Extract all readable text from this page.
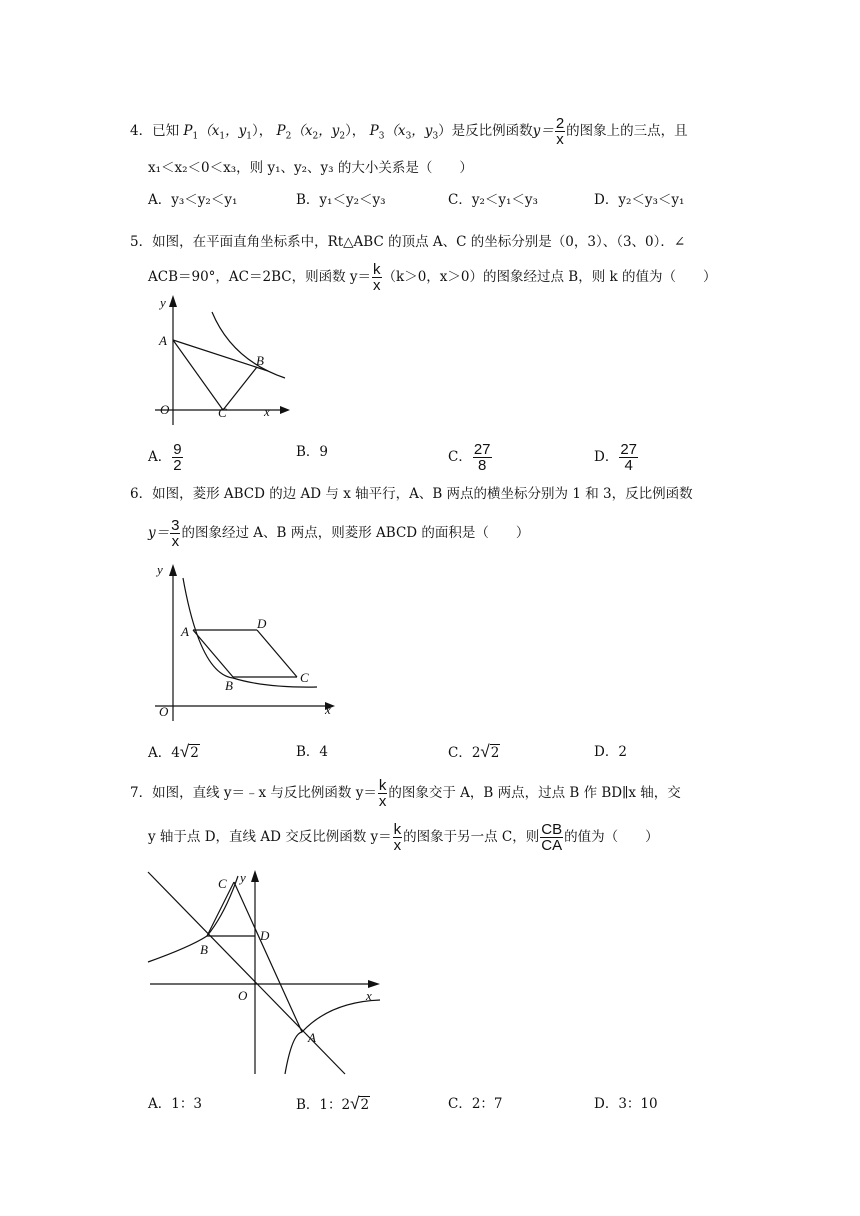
4．已知 $P_1(x_1$，$y_1$）， $P_2(x_2$，$y_2$）， $P_3(x_3$，$y_3$）是反比例函数$y= \frac{2}{x}$ 的图象上的三点，且
x₁＜x₂＜0＜x₃，则 y₁、y₂、y₃ 的大小关系是（　　）
A．y₃＜y₂＜y₁	B．y₁＜y₂＜y₃	C．y₂＜y₁＜y₃	D．y₂＜y₃＜y₁
5．如图，在平面直角坐标系中，Rt△ABC 的顶点 A、C 的坐标分别是（0，3）、（3、0）．∠
ACB＝90°，AC＝2BC，则函数 $y= \frac{k}{x} (k>0$，x＞0）的图象经过点 B，则 k 的值为（　　）
y
A
B
O	C	x
A． $\frac{9}{2}$	B．9	C． $\frac{27}{8}$	D． $\frac{27}{4}$
6．如图，菱形 ABCD 的边 AD 与 x 轴平行，A、B 两点的横坐标分别为 1 和 3，反比例函数
$y= \frac{3}{x}$ 的图象经过 A、B 两点，则菱形 ABCD 的面积是（　　）
y
A
D
B
C
O	x
A．4√2	B．4	C．2√2	D．2
7．如图，直线 y＝﹣x 与反比例函数 $y= \frac{k}{x}$ 的图象交于 A，B 两点，过点 B 作 BD∥x 轴，交
y 轴于点 D，直线 AD 交反比例函数 $y= \frac{k}{x}$ 的图象于另一点 C，则 $\frac{CB}{CA}$ 的值为（　　）
C y
B
D
O	x
A
A．1：3	B．1：2√2	C．2：7	D．3：10
